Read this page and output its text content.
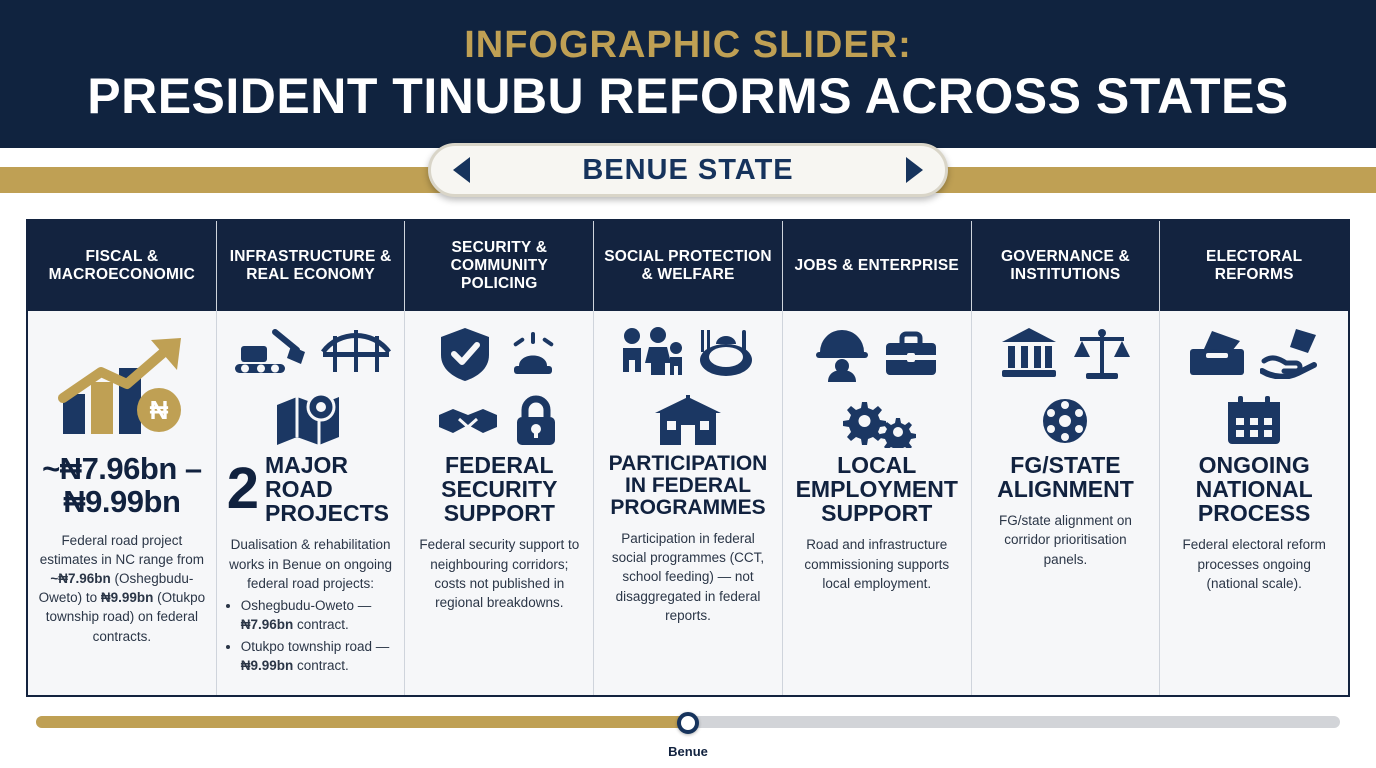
INFOGRAPHIC SLIDER:
PRESIDENT TINUBU REFORMS ACROSS STATES
BENUE STATE
FISCAL & MACROECONOMIC
₦
~₦7.96bn – ₦9.99bn
Federal road project estimates in NC range from ~₦7.96bn (Oshegbudu-Oweto) to ₦9.99bn (Otukpo township road) on federal contracts.
INFRASTRUCTURE & REAL ECONOMY
2 MAJOR ROAD PROJECTS
Dualisation & rehabilitation works in Benue on ongoing federal road projects:
• Oshegbudu-Oweto — ₦7.96bn contract.
• Otukpo township road — ₦9.99bn contract.
SECURITY & COMMUNITY POLICING
FEDERAL SECURITY SUPPORT
Federal security support to neighbouring corridors; costs not published in regional breakdowns.
SOCIAL PROTECTION & WELFARE
PARTICIPATION IN FEDERAL PROGRAMMES
Participation in federal social programmes (CCT, school feeding) — not disaggregated in federal reports.
JOBS & ENTERPRISE
LOCAL EMPLOYMENT SUPPORT
Road and infrastructure commissioning supports local employment.
GOVERNANCE & INSTITUTIONS
FG/STATE ALIGNMENT
FG/state alignment on corridor prioritisation panels.
ELECTORAL REFORMS
ONGOING NATIONAL PROCESS
Federal electoral reform processes ongoing (national scale).
Benue
